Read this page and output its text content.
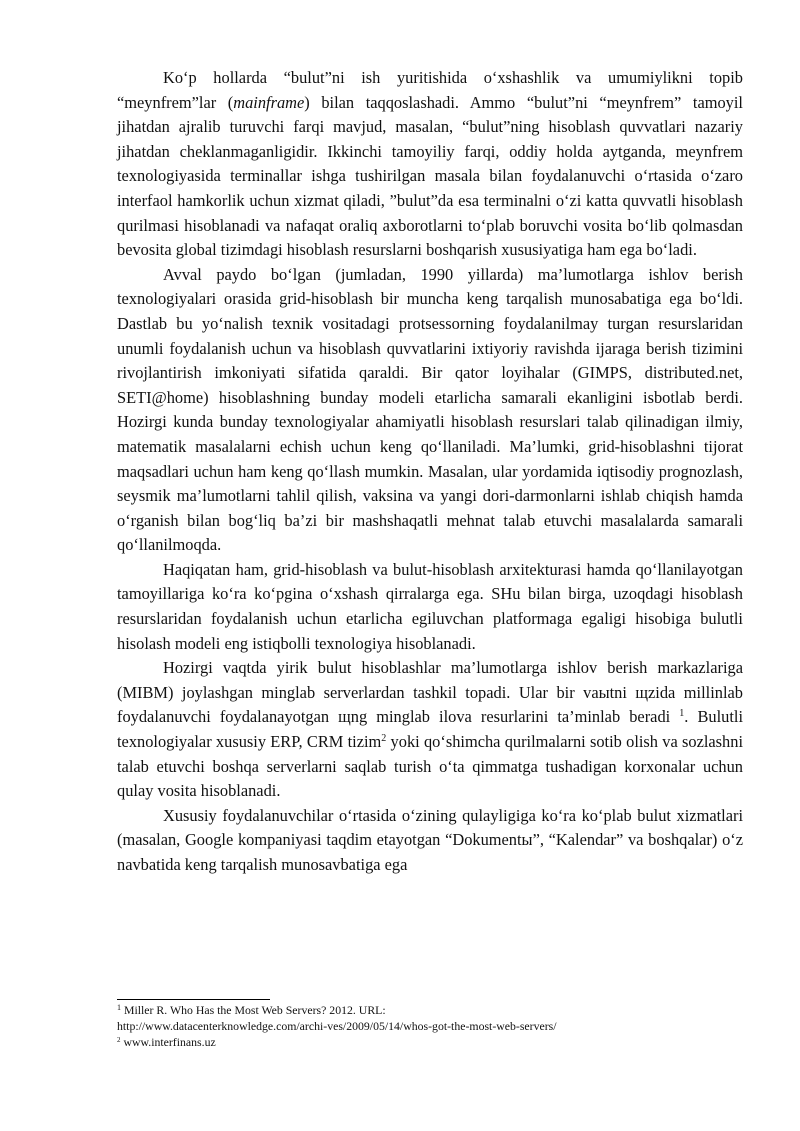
Ko‘p hollarda “bulut”ni ish yuritishida o‘xshashlik va umumiylikni topib “meynfrem”lar (mainframe) bilan taqqoslashadi. Ammo “bulut”ni “meynfrem” tamoyil jihatdan ajralib turuvchi farqi mavjud, masalan, “bulut”ning hisoblash quvvatlari nazariy jihatdan cheklanmaganligidir. Ikkinchi tamoyiliy farqi, oddiy holda aytganda, meynfrem texnologiyasida terminallar ishga tushirilgan masala bilan foydalanuvchi o‘rtasida o‘zaro interfaol hamkorlik uchun xizmat qiladi, ”bulut”da esa terminalni o‘zi katta quvvatli hisoblash qurilmasi hisoblanadi va nafaqat oraliq axborotlarni to‘plab boruvchi vosita bo‘lib qolmasdan bevosita global tizimdagi hisoblash resurslarni boshqarish xususiyatiga ham ega bo‘ladi.

Avval paydo bo‘lgan (jumladan, 1990 yillarda) ma’lumotlarga ishlov berish texnologiyalari orasida grid-hisoblash bir muncha keng tarqalish munosabatiga ega bo‘ldi. Dastlab bu yo‘nalish texnik vositadagi protsessorning foydalanilmay turgan resurslaridan unumli foydalanish uchun va hisoblash quvvatlarini ixtiyoriy ravishda ijaraga berish tizimini rivojlantirish imkoniyati sifatida qaraldi. Bir qator loyihalar (GIMPS, distributed.net, SETI@home) hisoblashning bunday modeli etarlicha samarali ekanligini isbotlab berdi. Hozirgi kunda bunday texnologiyalar ahamiyatli hisoblash resurslari talab qilinadigan ilmiy, matematik masalalarni echish uchun keng qo‘llaniladi. Ma’lumki, grid-hisoblashni tijorat maqsadlari uchun ham keng qo‘llash mumkin. Masalan, ular yordamida iqtisodiy prognozlash, seysmik ma’lumotlarni tahlil qilish, vaksina va yangi dori-darmonlarni ishlab chiqish hamda o‘rganish bilan bog‘liq ba’zi bir mashshaqatli mehnat talab etuvchi masalalarda samarali qo‘llanilmoqda.

Haqiqatan ham, grid-hisoblash va bulut-hisoblash arxitekturasi hamda qo‘llanilayotgan tamoyillariga ko‘ra ko‘pgina o‘xshash qirralarga ega. SHu bilan birga, uzoqdagi hisoblash resurslaridan foydalanish uchun etarlicha egiluvchan platformaga egaligi hisobiga bulutli hisolash modeli eng istiqbolli texnologiya hisoblanadi.

Hozirgi vaqtda yirik bulut hisoblashlar ma’lumotlarga ishlov berish markazlariga (MIBM) joylashgan minglab serverlardan tashkil topadi. Ular bir vaыtni щzida millinlab foydalanuvchi foydalanayotgan щng minglab ilova resurlarini ta’minlab beradi $^1$. Bulutli texnologiyalar xususiy ERP, CRM tizim$^2$ yoki qo‘shimcha qurilmalarni sotib olish va sozlashni talab etuvchi boshqa serverlarni saqlab turish o‘ta qimmatga tushadigan korxonalar uchun qulay vosita hisoblanadi.

Xususiy foydalanuvchilar o‘rtasida o‘zining qulayligiga ko‘ra ko‘plab bulut xizmatlari (masalan, Google kompaniyasi taqdim etayotgan “Dokumentы”, “Kalendar” va boshqalar) o‘z navbatida keng tarqalish munosavbatiga ega

$^1$ Miller R. Who Has the Most Web Servers? 2012. URL:
http://www.datacenterknowledge.com/archi-ves/2009/05/14/whos-got-the-most-web-servers/
$^2$ www.interfinans.uz
